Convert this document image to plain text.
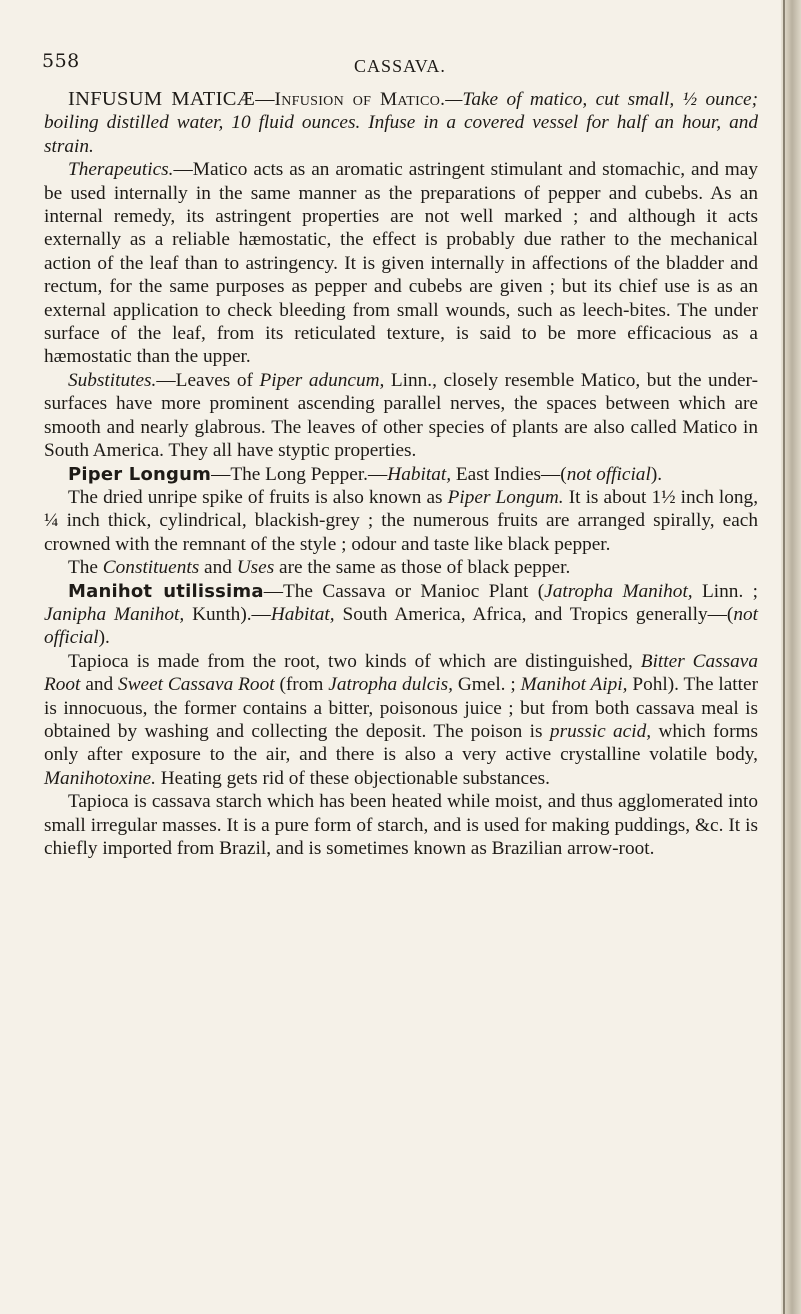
558	CASSAVA.

INFUSUM MATICÆ—Infusion of Matico.—Take of matico, cut small, ½ ounce; boiling distilled water, 10 fluid ounces. Infuse in a covered vessel for half an hour, and strain.

Therapeutics.—Matico acts as an aromatic astringent stimulant and stomachic, and may be used internally in the same manner as the preparations of pepper and cubebs. As an internal remedy, its astringent properties are not well marked ; and although it acts externally as a reliable hæmostatic, the effect is probably due rather to the mechanical action of the leaf than to astringency. It is given internally in affections of the bladder and rectum, for the same purposes as pepper and cubebs are given ; but its chief use is as an external application to check bleeding from small wounds, such as leech-bites. The under surface of the leaf, from its reticulated texture, is said to be more efficacious as a hæmostatic than the upper.

Substitutes.—Leaves of Piper aduncum, Linn., closely resemble Matico, but the under-surfaces have more prominent ascending parallel nerves, the spaces between which are smooth and nearly glabrous. The leaves of other species of plants are also called Matico in South America. They all have styptic properties.

Piper Longum—The Long Pepper.—Habitat, East Indies—(not official).

The dried unripe spike of fruits is also known as Piper Longum. It is about 1½ inch long, ¼ inch thick, cylindrical, blackish-grey ; the numerous fruits are arranged spirally, each crowned with the remnant of the style ; odour and taste like black pepper.

The Constituents and Uses are the same as those of black pepper.

Manihot utilissima—The Cassava or Manioc Plant (Jatropha Manihot, Linn. ; Janipha Manihot, Kunth).—Habitat, South America, Africa, and Tropics generally—(not official).

Tapioca is made from the root, two kinds of which are distinguished, Bitter Cassava Root and Sweet Cassava Root (from Jatropha dulcis, Gmel. ; Manihot Aipi, Pohl). The latter is innocuous, the former contains a bitter, poisonous juice ; but from both cassava meal is obtained by washing and collecting the deposit. The poison is prussic acid, which forms only after exposure to the air, and there is also a very active crystalline volatile body, Manihotoxine. Heating gets rid of these objectionable substances.

Tapioca is cassava starch which has been heated while moist, and thus agglomerated into small irregular masses. It is a pure form of starch, and is used for making puddings, &c. It is chiefly imported from Brazil, and is sometimes known as Brazilian arrow-root.
